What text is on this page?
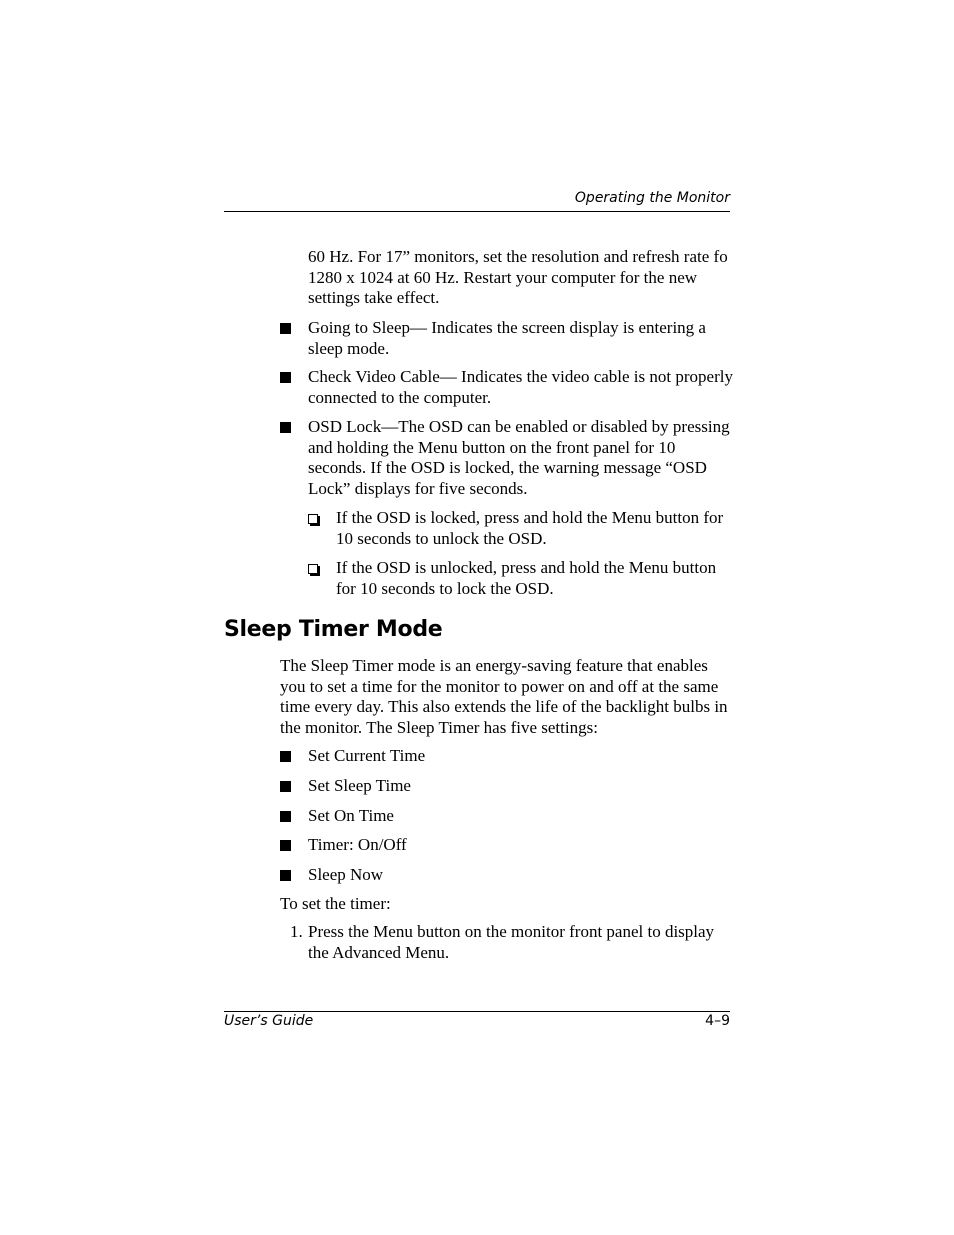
Operating the Monitor
60 Hz. For 17” monitors, set the resolution and refresh rate fo 1280 x 1024 at 60 Hz. Restart your computer for the new settings take effect.
Going to Sleep— Indicates the screen display is entering a sleep mode.
Check Video Cable— Indicates the video cable is not properly connected to the computer.
OSD Lock—The OSD can be enabled or disabled by pressing and holding the Menu button on the front panel for 10 seconds. If the OSD is locked, the warning message “OSD Lock” displays for five seconds.
If the OSD is locked, press and hold the Menu button for 10 seconds to unlock the OSD.
If the OSD is unlocked, press and hold the Menu button for 10 seconds to lock the OSD.
Sleep Timer Mode
The Sleep Timer mode is an energy-saving feature that enables you to set a time for the monitor to power on and off at the same time every day. This also extends the life of the backlight bulbs in the monitor. The Sleep Timer has five settings:
Set Current Time
Set Sleep Time
Set On Time
Timer: On/Off
Sleep Now
To set the timer:
1. Press the Menu button on the monitor front panel to display the Advanced Menu.
User’s Guide	4–9
